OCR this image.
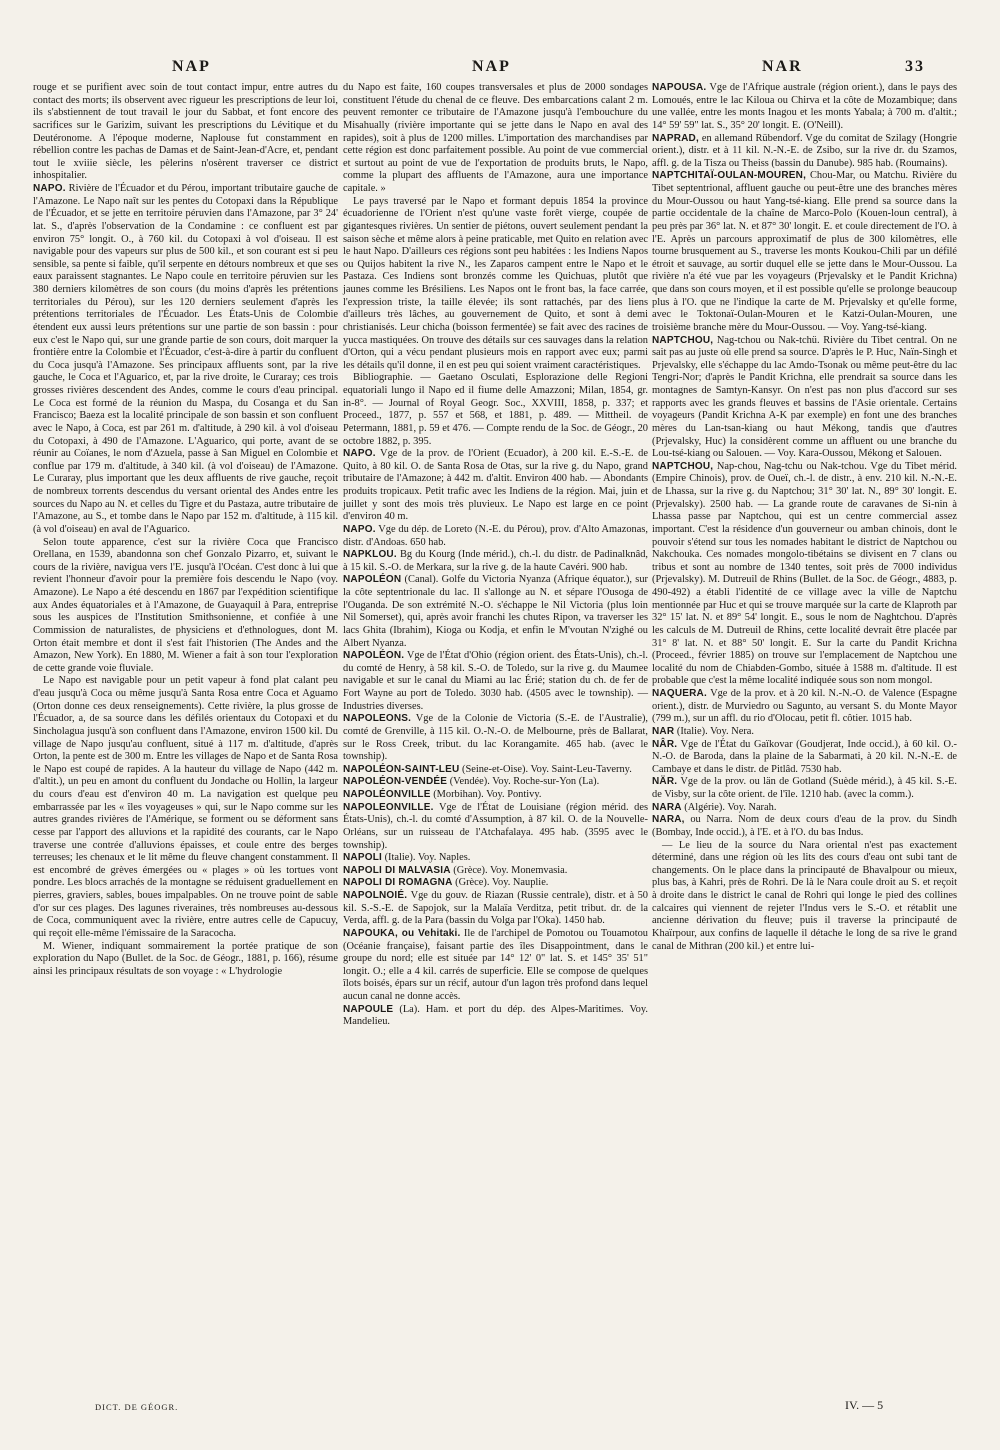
NAP	NAP	NAR	33

rouge et se purifient avec soin de tout contact impur, entre autres du contact des morts; ils observent avec rigueur les prescriptions de leur loi, ils s'abstiennent de tout travail le jour du Sabbat, et font encore des sacrifices sur le Garizim, suivant les prescriptions du Lévitique et du Deutéronome. A l'époque moderne, Naplouse fut constamment en rébellion contre les pachas de Damas et de Saint-Jean-d'Acre, et, pendant tout le xviiie siècle, les pèlerins n'osèrent traverser ce district inhospitalier.

NAPO. Rivière de l'Écuador et du Pérou, important tributaire gauche de l'Amazone. Le Napo naît sur les pentes du Cotopaxi dans la République de l'Écuador, et se jette en territoire péruvien dans l'Amazone, par 3° 24' lat. S., d'après l'observation de la Condamine : ce confluent est par environ 75° longit. O., à 760 kil. du Cotopaxi à vol d'oiseau. Il est navigable pour des vapeurs sur plus de 500 kil., et son courant est si peu sensible, sa pente si faible, qu'il serpente en détours nombreux et que ses eaux paraissent stagnantes. Le Napo coule en territoire péruvien sur les 380 derniers kilomètres de son cours (du moins d'après les prétentions territoriales du Pérou), sur les 120 derniers seulement d'après les prétentions territoriales de l'Écuador. Les États-Unis de Colombie étendent eux aussi leurs prétentions sur une partie de son bassin : pour eux c'est le Napo qui, sur une grande partie de son cours, doit marquer la frontière entre la Colombie et l'Écuador, c'est-à-dire à partir du confluent du Coca jusqu'à l'Amazone. Ses principaux affluents sont, par la rive gauche, le Coca et l'Aguarico, et, par la rive droite, le Curaray; ces trois grosses rivières descendent des Andes, comme le cours d'eau principal. Le Coca est formé de la réunion du Maspa, du Cosanga et du San Francisco; Baeza est la localité principale de son bassin et son confluent avec le Napo, à Coca, est par 261 m. d'altitude, à 290 kil. à vol d'oiseau du Cotopaxi, à 490 de l'Amazone. L'Aguarico, qui porte, avant de se réunir au Coïanes, le nom d'Azuela, passe à San Miguel en Colombie et conflue par 179 m. d'altitude, à 340 kil. (à vol d'oiseau) de l'Amazone. Le Curaray, plus important que les deux affluents de rive gauche, reçoit de nombreux torrents descendus du versant oriental des Andes entre les sources du Napo au N. et celles du Tigre et du Pastaza, autre tributaire de l'Amazone, au S., et tombe dans le Napo par 152 m. d'altitude, à 115 kil. (à vol d'oiseau) en aval de l'Aguarico.

Selon toute apparence, c'est sur la rivière Coca que Francisco Orellana, en 1539, abandonna son chef Gonzalo Pizarro, et, suivant le cours de la rivière, navigua vers l'E. jusqu'à l'Océan. C'est donc à lui que revient l'honneur d'avoir pour la première fois descendu le Napo (voy. Amazone). Le Napo a été descendu en 1867 par l'expédition scientifique aux Andes équatoriales et à l'Amazone, de Guayaquil à Para, entreprise sous les auspices de l'Institution Smithsonienne, et confiée à une Commission de naturalistes, de physiciens et d'ethnologues, dont M. Orton était membre et dont il s'est fait l'historien (The Andes and the Amazon, New York). En 1880, M. Wiener a fait à son tour l'exploration de cette grande voie fluviale.

Le Napo est navigable pour un petit vapeur à fond plat calant peu d'eau jusqu'à Coca ou même jusqu'à Santa Rosa entre Coca et Aguamo (Orton donne ces deux renseignements). Cette rivière, la plus grosse de l'Écuador, a, de sa source dans les défilés orientaux du Cotopaxi et du Sincholagua jusqu'à son confluent dans l'Amazone, environ 1500 kil. Du village de Napo jusqu'au confluent, situé à 117 m. d'altitude, d'après Orton, la pente est de 300 m. Entre les villages de Napo et de Santa Rosa le Napo est coupé de rapides. A la hauteur du village de Napo (442 m. d'altit.), un peu en amont du confluent du Jondache ou Hollin, la largeur du cours d'eau est d'environ 40 m. La navigation est quelque peu embarrassée par les « îles voyageuses » qui, sur le Napo comme sur les autres grandes rivières de l'Amérique, se forment ou se déforment sans cesse par l'apport des alluvions et la rapidité des courants, car le Napo traverse une contrée d'alluvions épaisses, et coule entre des berges terreuses; les chenaux et le lit même du fleuve changent constamment. Il est encombré de grèves émergées ou « plages » où les tortues vont pondre. Les blocs arrachés de la montagne se réduisent graduellement en pierres, graviers, sables, boues impalpables. On ne trouve point de sable d'or sur ces plages. Des lagunes riveraines, très nombreuses au-dessous de Coca, communiquent avec la rivière, entre autres celle de Capucuy, qui reçoit elle-même l'émissaire de la Saracocha.

M. Wiener, indiquant sommairement la portée pratique de son exploration du Napo (Bullet. de la Soc. de Géogr., 1881, p. 166), résume ainsi les principaux résultats de son voyage : « L'hydrologie

du Napo est faite, 160 coupes transversales et plus de 2000 sondages constituent l'étude du chenal de ce fleuve. Des embarcations calant 2 m. peuvent remonter ce tributaire de l'Amazone jusqu'à l'embouchure du Misahually (rivière importante qui se jette dans le Napo en aval des rapides), soit à plus de 1200 milles. L'importation des marchandises par cette région est donc parfaitement possible. Au point de vue commercial et surtout au point de vue de l'exportation de produits bruts, le Napo, comme la plupart des affluents de l'Amazone, aura une importance capitale. »

Le pays traversé par le Napo et formant depuis 1854 la province écuadorienne de l'Orient n'est qu'une vaste forêt vierge, coupée de gigantesques rivières. Un sentier de piétons, ouvert seulement pendant la saison sèche et même alors à peine praticable, met Quito en relation avec le haut Napo. D'ailleurs ces régions sont peu habitées : les Indiens Napos ou Quijos habitent la rive N., les Zaparos campent entre le Napo et le Pastaza. Ces Indiens sont bronzés comme les Quichuas, plutôt que jaunes comme les Brésiliens. Les Napos ont le front bas, la face carrée, l'expression triste, la taille élevée; ils sont rattachés, par des liens d'ailleurs très lâches, au gouvernement de Quito, et sont à demi christianisés. Leur chicha (boisson fermentée) se fait avec des racines de yucca mastiquées. On trouve des détails sur ces sauvages dans la relation d'Orton, qui a vécu pendant plusieurs mois en rapport avec eux; parmi les détails qu'il donne, il en est peu qui soient vraiment caractéristiques.

Bibliographie. — Gaetano Osculati, Esplorazione delle Regioni equatoriali lungo il Napo ed il fiume delle Amazzoni; Milan, 1854, gr. in-8°. — Journal of Royal Geogr. Soc., XXVIII, 1858, p. 337; et Proceed., 1877, p. 557 et 568, et 1881, p. 489. — Mittheil. de Petermann, 1881, p. 59 et 476. — Compte rendu de la Soc. de Géogr., 20 octobre 1882, p. 395.

NAPO. Vge de la prov. de l'Orient (Ecuador), à 200 kil. E.-S.-E. de Quito, à 80 kil. O. de Santa Rosa de Otas, sur la rive g. du Napo, grand tributaire de l'Amazone; à 442 m. d'altit. Environ 400 hab. — Abondants produits tropicaux. Petit trafic avec les Indiens de la région. Mai, juin et juillet y sont des mois très pluvieux. Le Napo est large en ce point d'environ 40 m.

NAPO. Vge du dép. de Loreto (N.-E. du Pérou), prov. d'Alto Amazonas, distr. d'Andoas. 650 hab.

NAPKLOU. Bg du Kourg (Inde mérid.), ch.-l. du distr. de Padinalknâd, à 15 kil. S.-O. de Merkara, sur la rive g. de la haute Cavéri. 900 hab.

NAPOLÉON (Canal). Golfe du Victoria Nyanza (Afrique équator.), sur la côte septentrionale du lac. Il s'allonge au N. et sépare l'Ousoga de l'Ouganda. De son extrémité N.-O. s'échappe le Nil Victoria (plus loin Nil Somerset), qui, après avoir franchi les chutes Ripon, va traverser les lacs Ghita (Ibrahim), Kioga ou Kodja, et enfin le M'voutan N'zighé ou Albert Nyanza.

NAPOLÉON. Vge de l'État d'Ohio (région orient. des États-Unis), ch.-l. du comté de Henry, à 58 kil. S.-O. de Toledo, sur la rive g. du Maumee navigable et sur le canal du Miami au lac Érié; station du ch. de fer de Fort Wayne au port de Toledo. 3030 hab. (4505 avec le township). — Industries diverses.

NAPOLEONS. Vge de la Colonie de Victoria (S.-E. de l'Australie), comté de Grenville, à 115 kil. O.-N.-O. de Melbourne, près de Ballarat, sur le Ross Creek, tribut. du lac Korangamite. 465 hab. (avec le township).

NAPOLÉON-SAINT-LEU (Seine-et-Oise). Voy. Saint-Leu-Taverny.

NAPOLÉON-VENDÉE (Vendée). Voy. Roche-sur-Yon (La).

NAPOLÉONVILLE (Morbihan). Voy. Pontivy.

NAPOLEONVILLE. Vge de l'État de Louisiane (région mérid. des États-Unis), ch.-l. du comté d'Assumption, à 87 kil. O. de la Nouvelle-Orléans, sur un ruisseau de l'Atchafalaya. 495 hab. (3595 avec le township).

NAPOLI (Italie). Voy. Naples.

NAPOLI DI MALVASIA (Grèce). Voy. Monemvasia.

NAPOLI DI ROMAGNA (Grèce). Voy. Nauplie.

NAPOLNOIÉ. Vge du gouv. de Riazan (Russie centrale), distr. et à 50 kil. S.-S.-E. de Sapojok, sur la Malaïa Verditza, petit tribut. dr. de la Verda, affl. g. de la Para (bassin du Volga par l'Oka). 1450 hab.

NAPOUKA, ou Vehitaki. Ile de l'archipel de Pomotou ou Touamotou (Océanie française), faisant partie des îles Disappointment, dans le groupe du nord; elle est située par 14° 12' 0" lat. S. et 145° 35' 51" longit. O.; elle a 4 kil. carrés de superficie. Elle se compose de quelques îlots boisés, épars sur un récif, autour d'un lagon très profond dans lequel aucun canal ne donne accès.

NAPOULE (La). Ham. et port du dép. des Alpes-Maritimes. Voy. Mandelieu.

NAPOUSA. Vge de l'Afrique australe (région orient.), dans le pays des Lomoués, entre le lac Kiloua ou Chirva et la côte de Mozambique; dans une vallée, entre les monts Inagou et les monts Yabala; à 700 m. d'altit.; 14° 59' 59" lat. S., 35° 20' longit. E. (O'Neill).

NAPRAD, en allemand Rübendorf. Vge du comitat de Szilagy (Hongrie orient.), distr. et à 11 kil. N.-N.-E. de Zsibo, sur la rive dr. du Szamos, affl. g. de la Tisza ou Theiss (bassin du Danube). 985 hab. (Roumains).

NAPTCHITAÏ-OULAN-MOUREN, Chou-Mar, ou Matchu. Rivière du Tibet septentrional, affluent gauche ou peut-être une des branches mères du Mour-Oussou ou haut Yang-tsé-kiang. Elle prend sa source dans la partie occidentale de la chaîne de Marco-Polo (Kouen-loun central), à peu près par 36° lat. N. et 87° 30' longit. E. et coule directement de l'O. à l'E. Après un parcours approximatif de plus de 300 kilomètres, elle tourne brusquement au S., traverse les monts Koukou-Chili par un défilé étroit et sauvage, au sortir duquel elle se jette dans le Mour-Oussou. La rivière n'a été vue par les voyageurs (Prjevalsky et le Pandit Krichna) que dans son cours moyen, et il est possible qu'elle se prolonge beaucoup plus à l'O. que ne l'indique la carte de M. Prjevalsky et qu'elle forme, avec le Toktonaï-Oulan-Mouren et le Katzi-Oulan-Mouren, une troisième branche mère du Mour-Oussou. — Voy. Yang-tsé-kiang.

NAPTCHOU, Nag-tchou ou Nak-tchü. Rivière du Tibet central. On ne sait pas au juste où elle prend sa source. D'après le P. Huc, Naïn-Singh et Prjevalsky, elle s'échappe du lac Amdo-Tsonak ou même peut-être du lac Tengri-Nor; d'après le Pandit Krichna, elle prendrait sa source dans les montagnes de Samtyn-Kansyr. On n'est pas non plus d'accord sur ses rapports avec les grands fleuves et bassins de l'Asie orientale. Certains voyageurs (Pandit Krichna A-K par exemple) en font une des branches mères du Lan-tsan-kiang ou haut Mékong, tandis que d'autres (Prjevalsky, Huc) la considèrent comme un affluent ou une branche du Lou-tsé-kiang ou Salouen. — Voy. Kara-Oussou, Mékong et Salouen.

NAPTCHOU, Nap-chou, Nag-tchu ou Nak-tchou. Vge du Tibet mérid. (Empire Chinois), prov. de Oueï, ch.-l. de distr., à env. 210 kil. N.-N.-E. de Lhassa, sur la rive g. du Naptchou; 31° 30' lat. N., 89° 30' longit. E. (Prjevalsky). 2500 hab. — La grande route de caravanes de Si-nin à Lhassa passe par Naptchou, qui est un centre commercial assez important. C'est la résidence d'un gouverneur ou amban chinois, dont le pouvoir s'étend sur tous les nomades habitant le district de Naptchou ou Nakchouka. Ces nomades mongolo-tibétains se divisent en 7 clans ou tribus et sont au nombre de 1340 tentes, soit près de 7000 individus (Prjevalsky). M. Dutreuil de Rhins (Bullet. de la Soc. de Géogr., 4883, p. 490-492) a établi l'identité de ce village avec la ville de Naptchu mentionnée par Huc et qui se trouve marquée sur la carte de Klaproth par 32° 15' lat. N. et 89° 54' longit. E., sous le nom de Naghtchou. D'après les calculs de M. Dutreuil de Rhins, cette localité devrait être placée par 31° 8' lat. N. et 88° 50' longit. E. Sur la carte du Pandit Krichna (Proceed., février 1885) on trouve sur l'emplacement de Naptchou une localité du nom de Chiabden-Gombo, située à 1588 m. d'altitude. Il est probable que c'est la même localité indiquée sous son nom mongol.

NAQUERA. Vge de la prov. et à 20 kil. N.-N.-O. de Valence (Espagne orient.), distr. de Murviedro ou Sagunto, au versant S. du Monte Mayor (799 m.), sur un affl. du rio d'Olocau, petit fl. côtier. 1015 hab.

NAR (Italie). Voy. Nera.

NÂR. Vge de l'État du Gaïkovar (Goudjerat, Inde occid.), à 60 kil. O.-N.-O. de Baroda, dans la plaine de la Sabarmati, à 20 kil. N.-N.-E. de Cambaye et dans le distr. de Pitlâd. 7530 hab.

NÄR. Vge de la prov. ou län de Gotland (Suède mérid.), à 45 kil. S.-E. de Visby, sur la côte orient. de l'île. 1210 hab. (avec la comm.).

NARA (Algérie). Voy. Narah.

NARA, ou Narra. Nom de deux cours d'eau de la prov. du Sindh (Bombay, Inde occid.), à l'E. et à l'O. du bas Indus.

— Le lieu de la source du Nara oriental n'est pas exactement déterminé, dans une région où les lits des cours d'eau ont subi tant de changements. On le place dans la principauté de Bhavalpour ou mieux, plus bas, à Kahri, près de Rohri. De là le Nara coule droit au S. et reçoit à droite dans le district le canal de Rohri qui longe le pied des collines calcaires qui viennent de rejeter l'Indus vers le S.-O. et rétablit une ancienne dérivation du fleuve; puis il traverse la principauté de Khaïrpour, aux confins de laquelle il détache le long de sa rive le grand canal de Mithran (200 kil.) et entre lui-

DICT. DE GÉOGR.	IV. — 5
